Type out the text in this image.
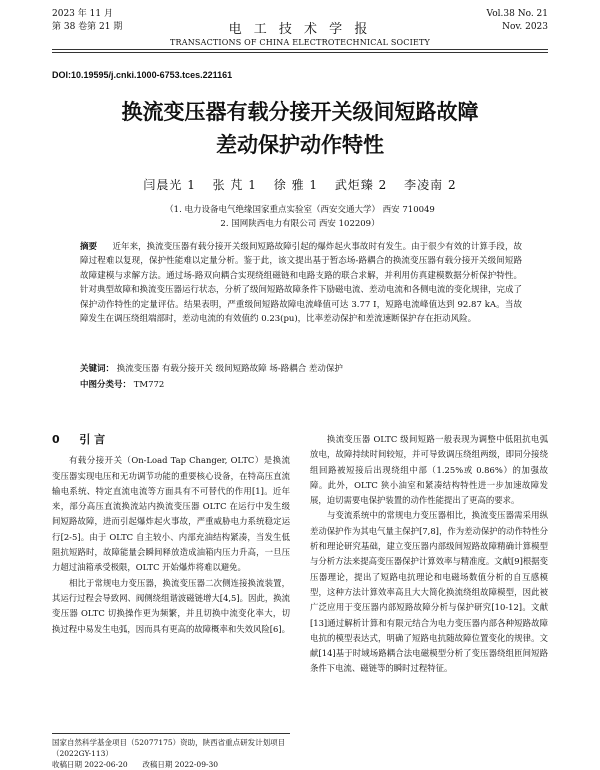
2023 年 11 月
第 38 卷第 21 期	电 工 技 术 学 报
TRANSACTIONS OF CHINA ELECTROTECHNICAL SOCIETY
Vol.38 No. 21
Nov. 2023
DOI:10.19595/j.cnki.1000-6753.tces.221161
换流变压器有载分接开关级间短路故障
差动保护动作特性
闫晨光 1 张 芃 1 徐 雅 1 武炬臻 2 李凌南 2
（1. 电力设备电气绝缘国家重点实验室（西安交通大学） 西安 710049
2. 国网陕西电力有限公司 西安 102209）
摘要 近年来，换流变压器有载分接开关级间短路故障引起的爆炸起火事故时有发生。由于很少有效的计算手段，故障过程难以复现，保护性能难以定量分析。鉴于此，该文提出基于暂态场-路耦合的换流变压器有载分接开关级间短路故障建模与求解方法。通过场-路双向耦合实现绕组磁链和电路支路的联合求解，并利用仿真建模数据分析保护特性。针对典型故障和换流变压器运行状态，分析了级间短路故障条件下励磁电流、差动电流和各侧电流的变化规律，完成了保护动作特性的定量评估。结果表明，严重级间短路故障电流峰值可达 3.77 I，短路电流峰值达到 92.87 kA。当故障发生在调压绕组端部时，差动电流的有效值约 0.23(pu)，比率差动保护和差流速断保护存在拒动风险。
关键词： 换流变压器 有载分接开关 级间短路故障 场-路耦合 差动保护
中图分类号： TM772
0 引 言

有载分接开关（On-Load Tap Changer, OLTC）是换流变压器实现电压和无功调节功能的重要核心设备，在特高压直流输电系统、特定直流电流等方面具有不可替代的作用[1]。近年来，部分高压直流换流站内换流变压器 OLTC 在运行中发生级间短路故障，进而引起爆炸起火事故，严重威胁电力系统稳定运行[2-5]。由于 OLTC 自主较小、内部充油结构紧凑，当发生低阻抗短路时，故障能量会瞬间释放造成油箱内压力升高，一旦压力超过油箱承受极限，OLTC 开始爆炸将难以避免。

相比于常规电力变压器，换流变压器二次侧连接换流装置，其运行过程会导致网、阀侧绕组谐波磁链增大[4,5]。因此，换流变压器 OLTC 切换操作更为频繁，并且切换中流变化率大，切换过程中易发生电弧，因而具有更高的故障概率和失效风险[6]。

换流变压器 OLTC 级间短路一般表现为调整中低阻抗电弧放电，故障持续时间较短，并可导致调压绕组两级，即同分接绕组回路被短接后出现绕组中部（1.25%或 0.86%）的加强故障。此外，OLTC 狭小油室和紧凑结构特性进一步加速故障发展，迫切需要电保护装置的动作性能提出了更高的要求。

与变流系统中的常规电力变压器相比，换流变压器需采用纵差动保护作为其电气量主保护[7,8]，作为差动保护的动作特性分析和理论研究基础，建立变压器内部级间短路故障精确计算模型与分析方法来提高变压器保护计算效率与精准度。文献[9]根据变压器理论，提出了短路电抗理论和电磁场数值分析的自互感模型，这种方法计算效率高且大大简化换流绕组故障模型，因此被广泛应用于变压器内部短路故障分析与保护研究[10-12]。文献[13]通过解析计算和有限元结合为电力变压器内部各种短路故障电抗的模型表达式，明确了短路电抗随故障位置变化的规律。文献[14]基于时域场路耦合法电磁模型分析了变压器绕组匝间短路条件下电流、磁链等的瞬时过程特征。

国家自然科学基金项目（52077175）资助，陕西省重点研发计划项目（2022GY-113）
收稿日期 2022-06-20 改稿日期 2022-09-30
